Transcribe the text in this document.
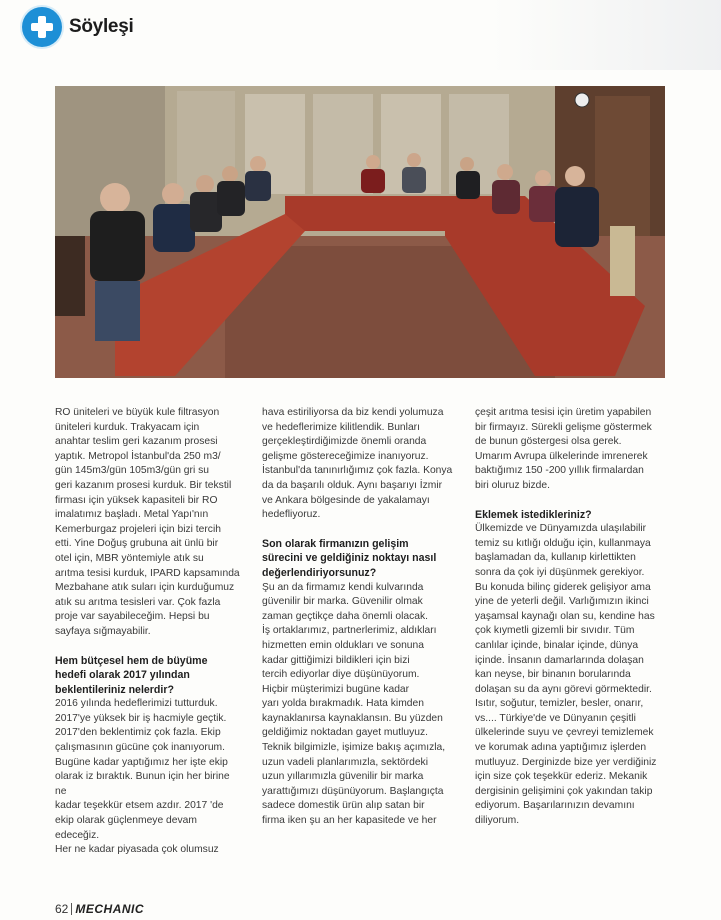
Söyleşi

RO üniteleri ve büyük kule filtrasyon
üniteleri kurduk. Trakyacam için
anahtar teslim geri kazanım prosesi
yaptık. Metropol İstanbul'da 250 m3/
gün 145m3/gün 105m3/gün gri su
geri kazanım prosesi kurduk. Bir tekstil
firması için yüksek kapasiteli bir RO
imalatımız başladı. Metal Yapı'nın
Kemerburgaz projeleri için bizi tercih
etti. Yine Doğuş grubuna ait ünlü bir
otel için, MBR yöntemiyle atık su
arıtma tesisi kurduk, IPARD kapsamında
Mezbahane atık suları için kurduğumuz
atık su arıtma tesisleri var. Çok fazla
proje var sayabileceğim. Hepsi bu
sayfaya sığmayabilir.

Hem bütçesel hem de büyüme
hedefi olarak 2017 yılından
beklentileriniz nelerdir?

2016 yılında hedeflerimizi tutturduk.
2017'ye yüksek bir iş hacmiyle geçtik.
2017'den beklentimiz çok fazla. Ekip
çalışmasının gücüne çok inanıyorum.
Bugüne kadar yaptığımız her işte ekip
olarak iz bıraktık. Bunun için her birine ne
kadar teşekkür etsem azdır. 2017 'de
ekip olarak güçlenmeye devam edeceğiz.
Her ne kadar piyasada çok olumsuz

hava estiriliyorsa da biz kendi yolumuza
ve hedeflerimize kilitlendik. Bunları
gerçekleştirdiğimizde önemli oranda
gelişme göstereceğimize inanıyoruz.
İstanbul'da tanınırlığımız çok fazla. Konya
da da başarılı olduk. Aynı başarıyı İzmir
ve Ankara bölgesinde de yakalamayı
hedefliyoruz.

Son olarak firmanızın gelişim
sürecini ve geldiğiniz noktayı nasıl
değerlendiriyorsunuz?

Şu an da firmamız kendi kulvarında
güvenilir bir marka. Güvenilir olmak
zaman geçtikçe daha önemli olacak.
İş ortaklarımız, partnerlerimiz, aldıkları
hizmetten emin oldukları ve sonuna
kadar gittiğimizi bildikleri için bizi
tercih ediyorlar diye düşünüyorum.
Hiçbir müşterimizi bugüne kadar
yarı yolda bırakmadık. Hata kimden
kaynaklanırsa kaynaklansın. Bu yüzden
geldiğimiz noktadan gayet mutluyuz.
Teknik bilgimizle, işimize bakış açımızla,
uzun vadeli planlarımızla, sektördeki
uzun yıllarımızla güvenilir bir marka
yarattığımızı düşünüyorum. Başlangıçta
sadece domestik ürün alıp satan bir
firma iken şu an her kapasitede ve her

çeşit arıtma tesisi için üretim yapabilen
bir firmayız. Sürekli gelişme göstermek
de bunun göstergesi olsa gerek.
Umarım Avrupa ülkelerinde imrenerek
baktığımız 150 -200 yıllık firmalardan
biri oluruz bizde.

Eklemek istedikleriniz?

Ülkemizde ve Dünyamızda ulaşılabilir
temiz su kıtlığı olduğu için, kullanmaya
başlamadan da, kullanıp kirlettikten
sonra da çok iyi düşünmek gerekiyor.
Bu konuda bilinç giderek gelişiyor ama
yine de yeterli değil. Varlığımızın ikinci
yaşamsal kaynağı olan su, kendine has
çok kıymetli gizemli bir sıvıdır. Tüm
canlılar içinde, binalar içinde, dünya
içinde. İnsanın damarlarında dolaşan
kan neyse, bir binanın borularında
dolaşan su da aynı görevi görmektedir.
Isıtır, soğutur, temizler, besler, onarır,
vs.... Türkiye'de ve Dünyanın çeşitli
ülkelerinde suyu ve çevreyi temizlemek
ve korumak adına yaptığımız işlerden
mutluyuz. Derginizde bize yer verdiğiniz
için size çok teşekkür ederiz. Mekanik
dergisinin gelişimini çok yakından takip
ediyorum. Başarılarınızın devamını
diliyorum.

62 MECHANIC
